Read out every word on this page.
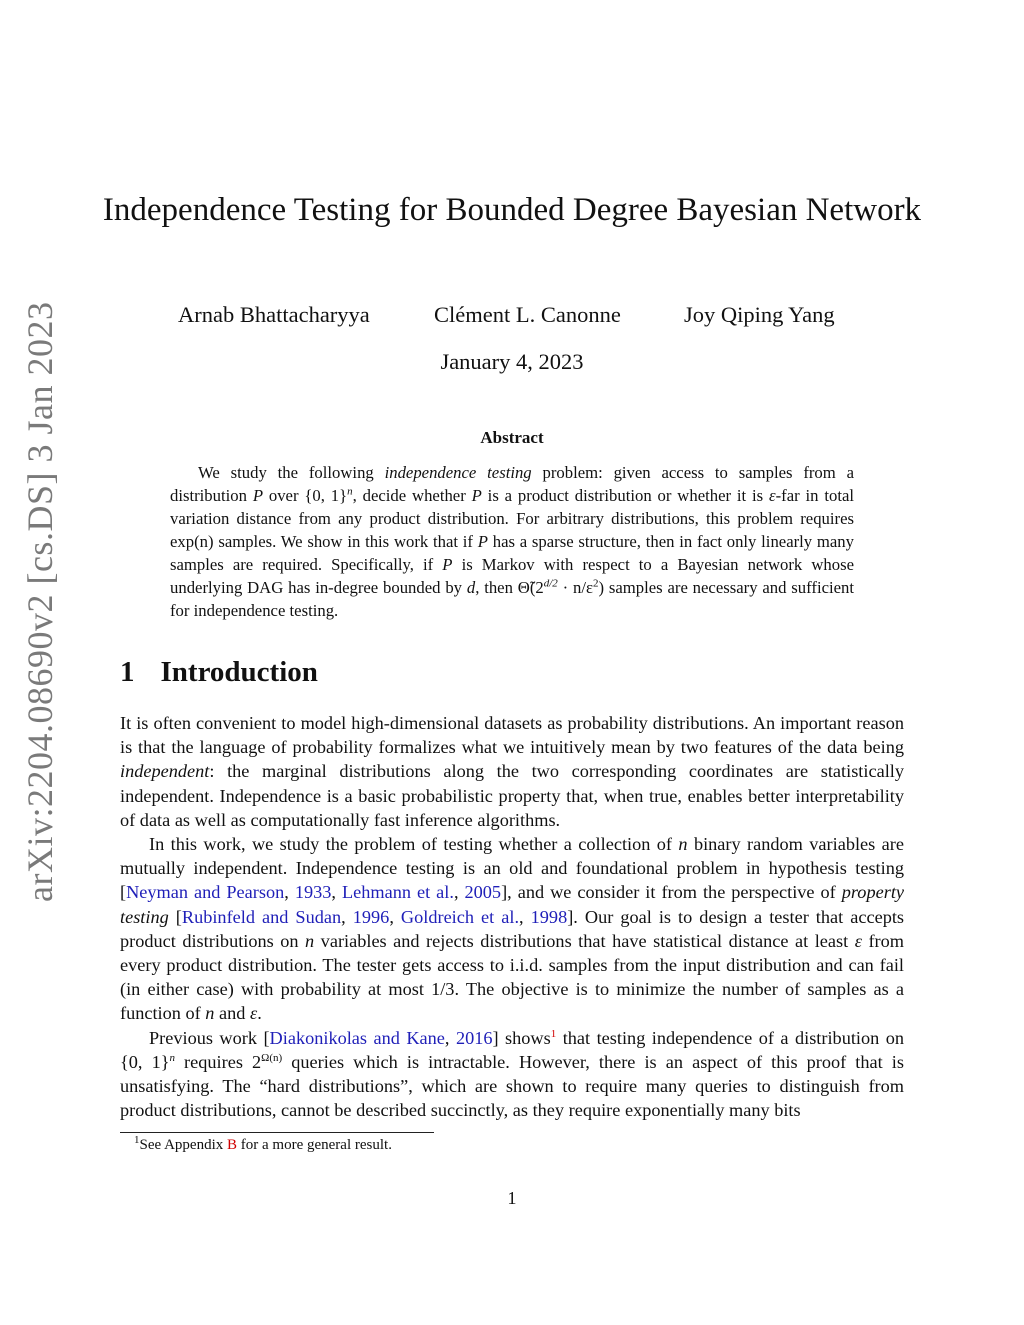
arXiv:2204.08690v2 [cs.DS] 3 Jan 2023
Independence Testing for Bounded Degree Bayesian Network
Arnab Bhattacharyya	Clément L. Canonne	Joy Qiping Yang
January 4, 2023
Abstract
We study the following independence testing problem: given access to samples from a distribution P over {0, 1}$^n$, decide whether P is a product distribution or whether it is ε-far in total variation distance from any product distribution. For arbitrary distributions, this problem requires exp(n) samples. We show in this work that if P has a sparse structure, then in fact only linearly many samples are required. Specifically, if P is Markov with respect to a Bayesian network whose underlying DAG has in-degree bounded by d, then $\Thetã(2^{d/2} \cdot n/\varepsilon^2)$ samples are necessary and sufficient for independence testing.
1 Introduction

It is often convenient to model high-dimensional datasets as probability distributions. An important reason is that the language of probability formalizes what we intuitively mean by two features of the data being independent: the marginal distributions along the two corresponding coordinates are statistically independent. Independence is a basic probabilistic property that, when true, enables better interpretability of data as well as computationally fast inference algorithms.

In this work, we study the problem of testing whether a collection of n binary random variables are mutually independent. Independence testing is an old and foundational problem in hypothesis testing [Neyman and Pearson, 1933, Lehmann et al., 2005], and we consider it from the perspective of property testing [Rubinfeld and Sudan, 1996, Goldreich et al., 1998]. Our goal is to design a tester that accepts product distributions on n variables and rejects distributions that have statistical distance at least ε from every product distribution. The tester gets access to i.i.d. samples from the input distribution and can fail (in either case) with probability at most 1/3. The objective is to minimize the number of samples as a function of n and ε.

Previous work [Diakonikolas and Kane, 2016] shows$^1$ that testing independence of a distribution on {0, 1}$^n$ requires $2^{\Omega(n)}$ queries which is intractable. However, there is an aspect of this proof that is unsatisfying. The “hard distributions”, which are shown to require many queries to distinguish from product distributions, cannot be described succinctly, as they require exponentially many bits

$^1$See Appendix B for a more general result.
1
